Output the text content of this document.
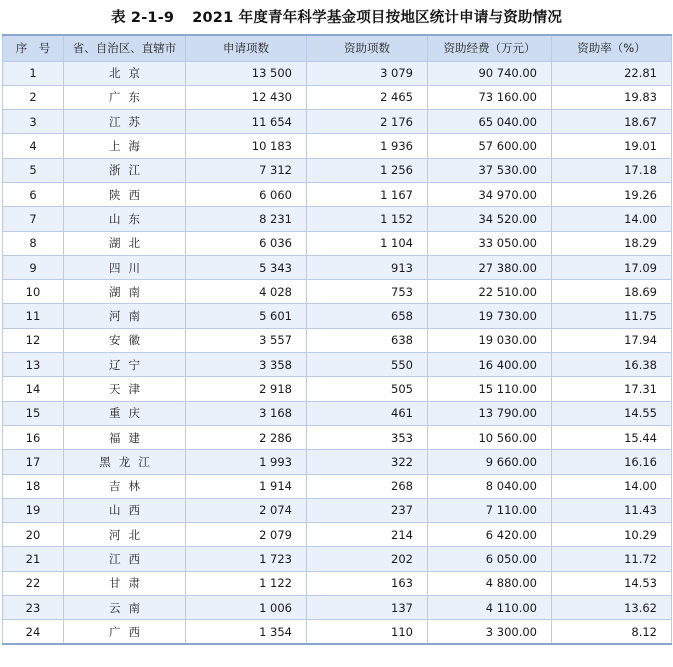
表 2-1-9 2021 年度青年科学基金项目按地区统计申请与资助情况
序　号	省、自治区、直辖市	申请项数	资助项数	资助经费（万元）	资助率（%）
1	北京	13 500	3 079	90 740.00	22.81
2	广东	12 430	2 465	73 160.00	19.83
3	江苏	11 654	2 176	65 040.00	18.67
4	上海	10 183	1 936	57 600.00	19.01
5	浙江	7 312	1 256	37 530.00	17.18
6	陕西	6 060	1 167	34 970.00	19.26
7	山东	8 231	1 152	34 520.00	14.00
8	湖北	6 036	1 104	33 050.00	18.29
9	四川	5 343	913	27 380.00	17.09
10	湖南	4 028	753	22 510.00	18.69
11	河南	5 601	658	19 730.00	11.75
12	安徽	3 557	638	19 030.00	17.94
13	辽宁	3 358	550	16 400.00	16.38
14	天津	2 918	505	15 110.00	17.31
15	重庆	3 168	461	13 790.00	14.55
16	福建	2 286	353	10 560.00	15.44
17	黑龙江	1 993	322	9 660.00	16.16
18	吉林	1 914	268	8 040.00	14.00
19	山西	2 074	237	7 110.00	11.43
20	河北	2 079	214	6 420.00	10.29
21	江西	1 723	202	6 050.00	11.72
22	甘肃	1 122	163	4 880.00	14.53
23	云南	1 006	137	4 110.00	13.62
24	广西	1 354	110	3 300.00	8.12
